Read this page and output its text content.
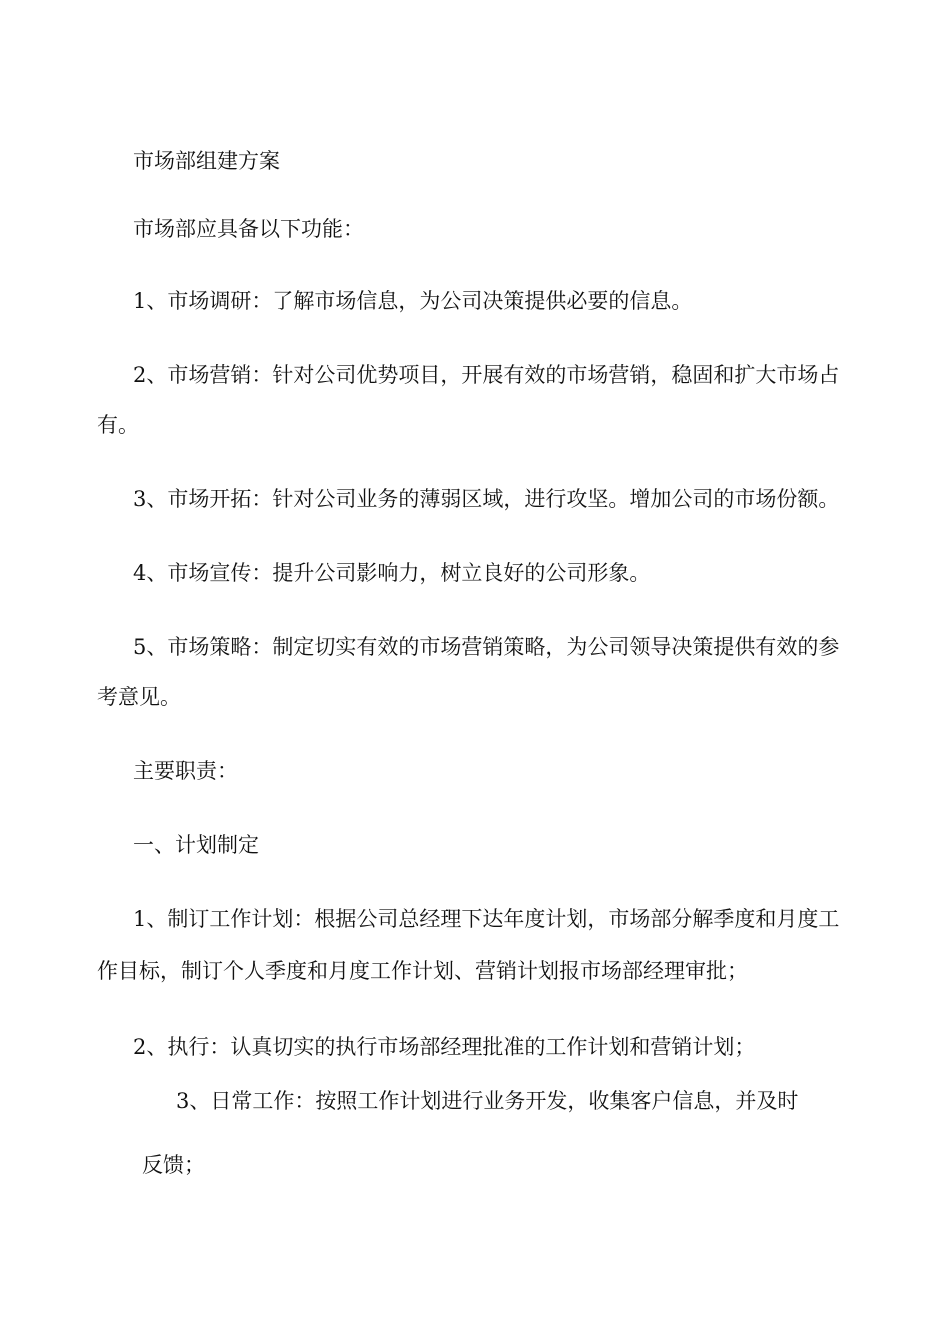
市场部组建方案
市场部应具备以下功能：
1、市场调研：了解市场信息，为公司决策提供必要的信息。
2、市场营销：针对公司优势项目，开展有效的市场营销，稳固和扩大市场占
有。
3、市场开拓：针对公司业务的薄弱区域，进行攻坚。增加公司的市场份额。
4、市场宣传：提升公司影响力，树立良好的公司形象。
5、市场策略：制定切实有效的市场营销策略，为公司领导决策提供有效的参
考意见。
主要职责：
一、计划制定
1、制订工作计划：根据公司总经理下达年度计划，市场部分解季度和月度工
作目标，制订个人季度和月度工作计划、营销计划报市场部经理审批；
2、执行：认真切实的执行市场部经理批准的工作计划和营销计划；
3、日常工作：按照工作计划进行业务开发，收集客户信息，并及时
反馈；
